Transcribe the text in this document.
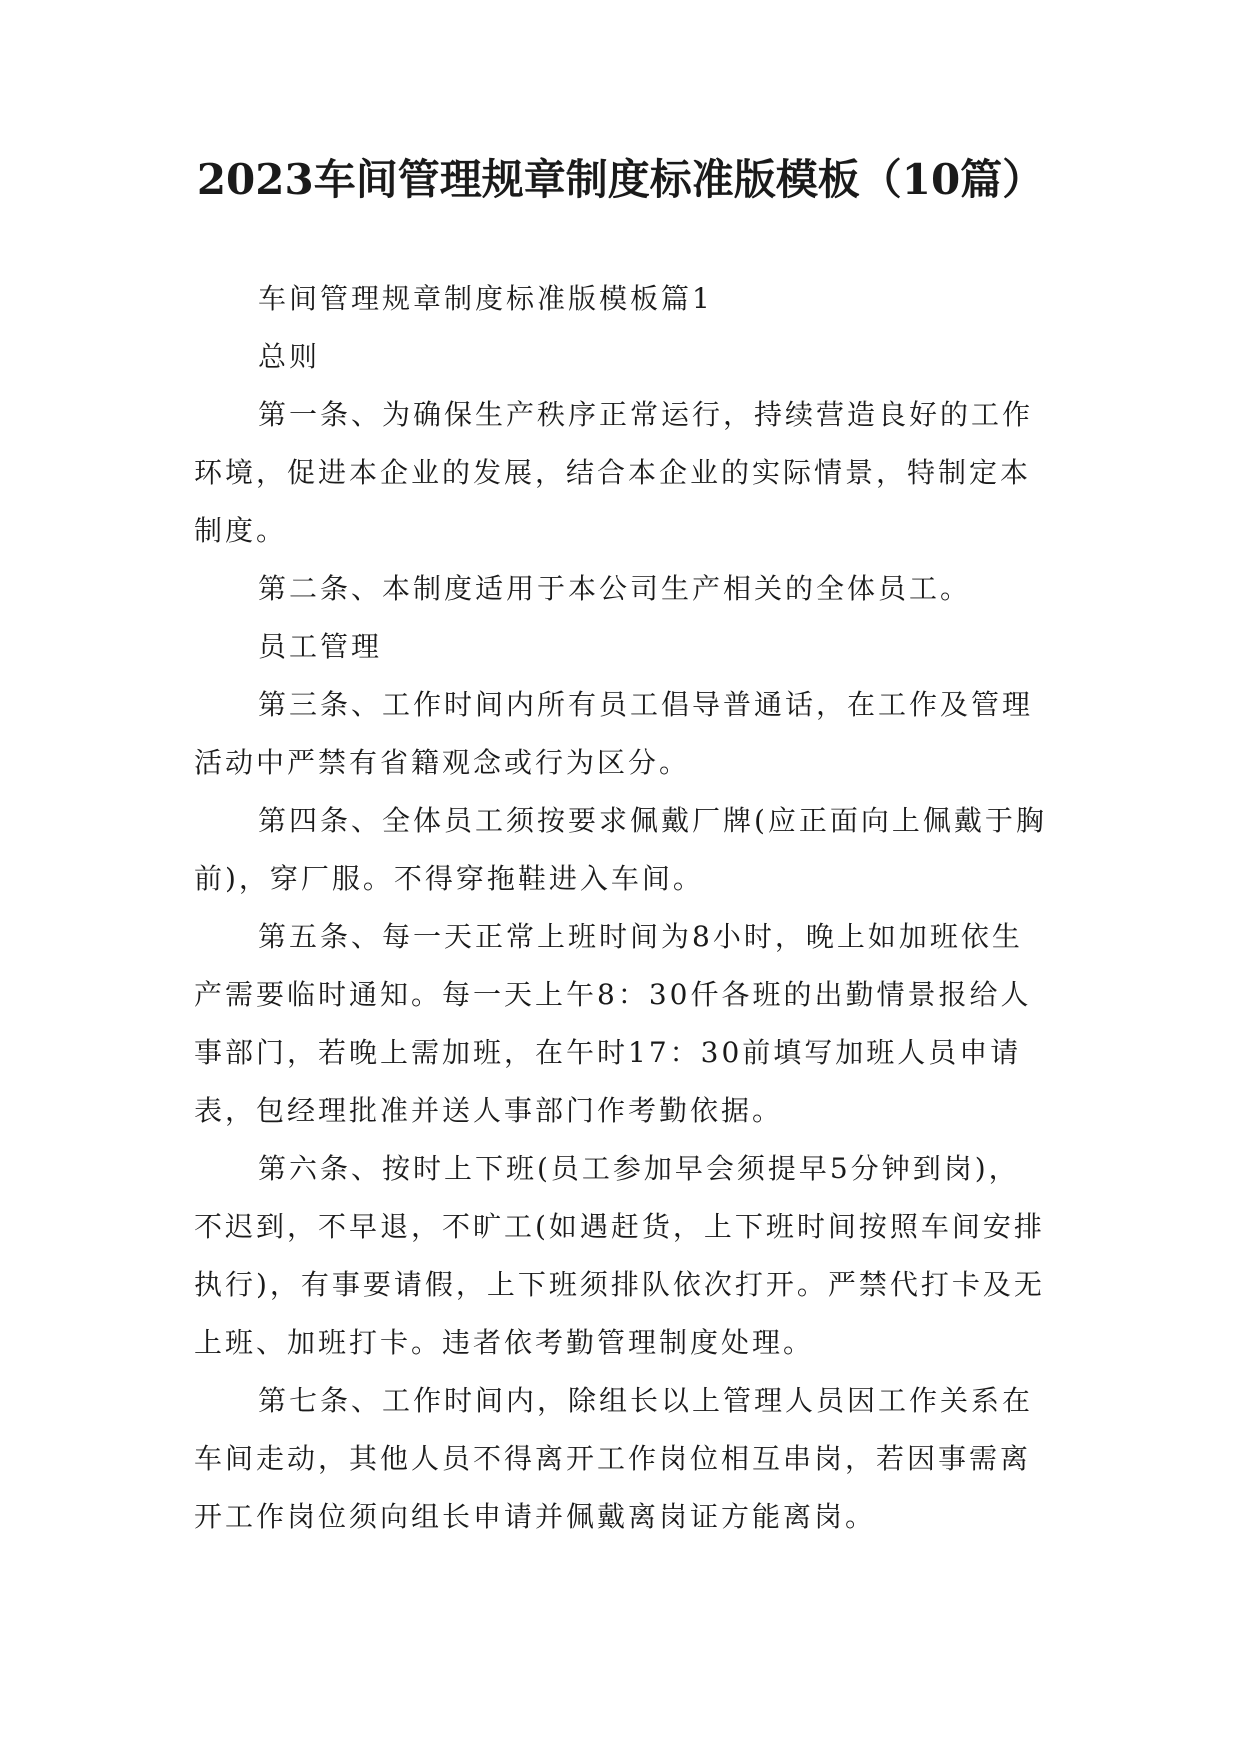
2023车间管理规章制度标准版模板（10篇）

车间管理规章制度标准版模板篇1

总则

第一条、为确保生产秩序正常运行，持续营造良好的工作环境，促进本企业的发展，结合本企业的实际情景，特制定本制度。

第二条、本制度适用于本公司生产相关的全体员工。

员工管理

第三条、工作时间内所有员工倡导普通话，在工作及管理活动中严禁有省籍观念或行为区分。

第四条、全体员工须按要求佩戴厂牌(应正面向上佩戴于胸前)，穿厂服。不得穿拖鞋进入车间。

第五条、每一天正常上班时间为8小时，晚上如加班依生产需要临时通知。每一天上午8：30仟各班的出勤情景报给人事部门，若晚上需加班，在午时17：30前填写加班人员申请表，包经理批准并送人事部门作考勤依据。

第六条、按时上下班(员工参加早会须提早5分钟到岗)，不迟到，不早退，不旷工(如遇赶货，上下班时间按照车间安排执行)，有事要请假，上下班须排队依次打开。严禁代打卡及无上班、加班打卡。违者依考勤管理制度处理。

第七条、工作时间内，除组长以上管理人员因工作关系在车间走动，其他人员不得离开工作岗位相互串岗，若因事需离开工作岗位须向组长申请并佩戴离岗证方能离岗。
